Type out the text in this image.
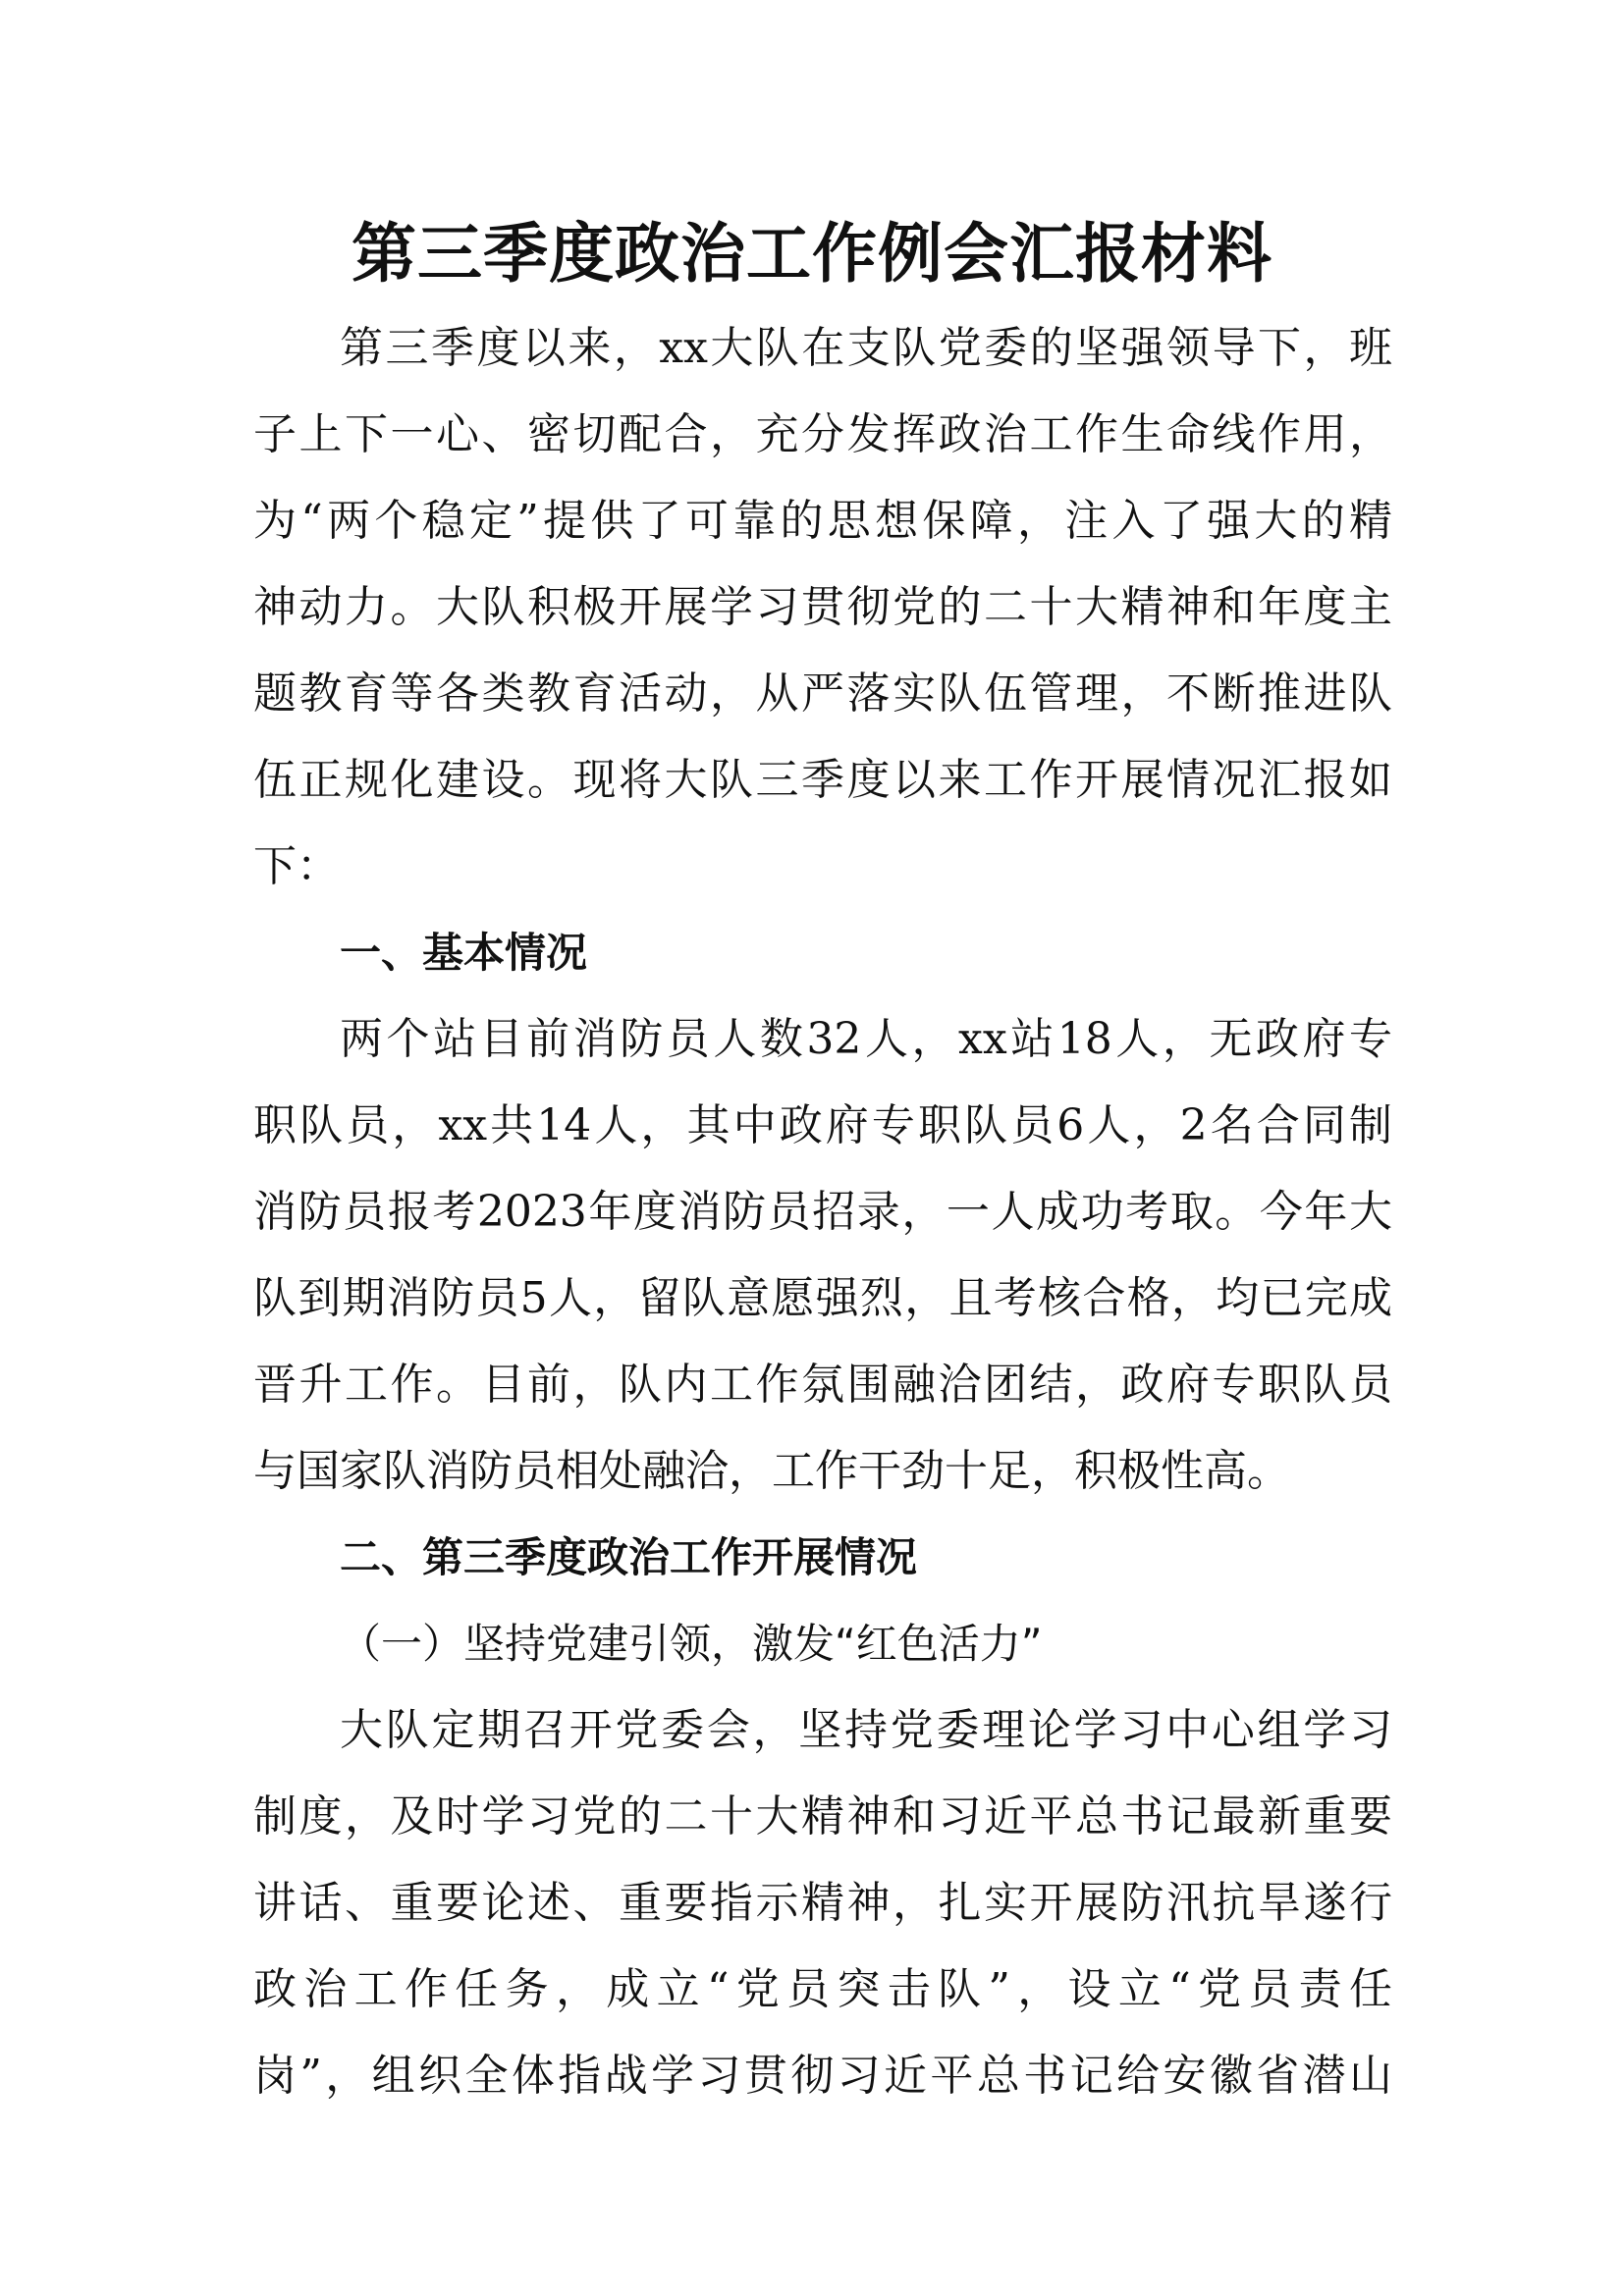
第三季度政治工作例会汇报材料
第三季度以来，xx大队在支队党委的坚强领导下，班
子上下一心、密切配合，充分发挥政治工作生命线作用，
为“两个稳定”提供了可靠的思想保障，注入了强大的精
神动力。大队积极开展学习贯彻党的二十大精神和年度主
题教育等各类教育活动，从严落实队伍管理，不断推进队
伍正规化建设。现将大队三季度以来工作开展情况汇报如
下：
一、基本情况
两个站目前消防员人数32人，xx站18人，无政府专
职队员，xx共14人，其中政府专职队员6人，2名合同制
消防员报考2023年度消防员招录，一人成功考取。今年大
队到期消防员5人，留队意愿强烈，且考核合格，均已完成
晋升工作。目前，队内工作氛围融洽团结，政府专职队员
与国家队消防员相处融洽，工作干劲十足，积极性高。
二、第三季度政治工作开展情况
（一）坚持党建引领，激发“红色活力”
大队定期召开党委会，坚持党委理论学习中心组学习
制度，及时学习党的二十大精神和习近平总书记最新重要
讲话、重要论述、重要指示精神，扎实开展防汛抗旱遂行
政治工作任务，成立“党员突击队”，设立“党员责任
岗”，组织全体指战学习贯彻习近平总书记给安徽省潜山
